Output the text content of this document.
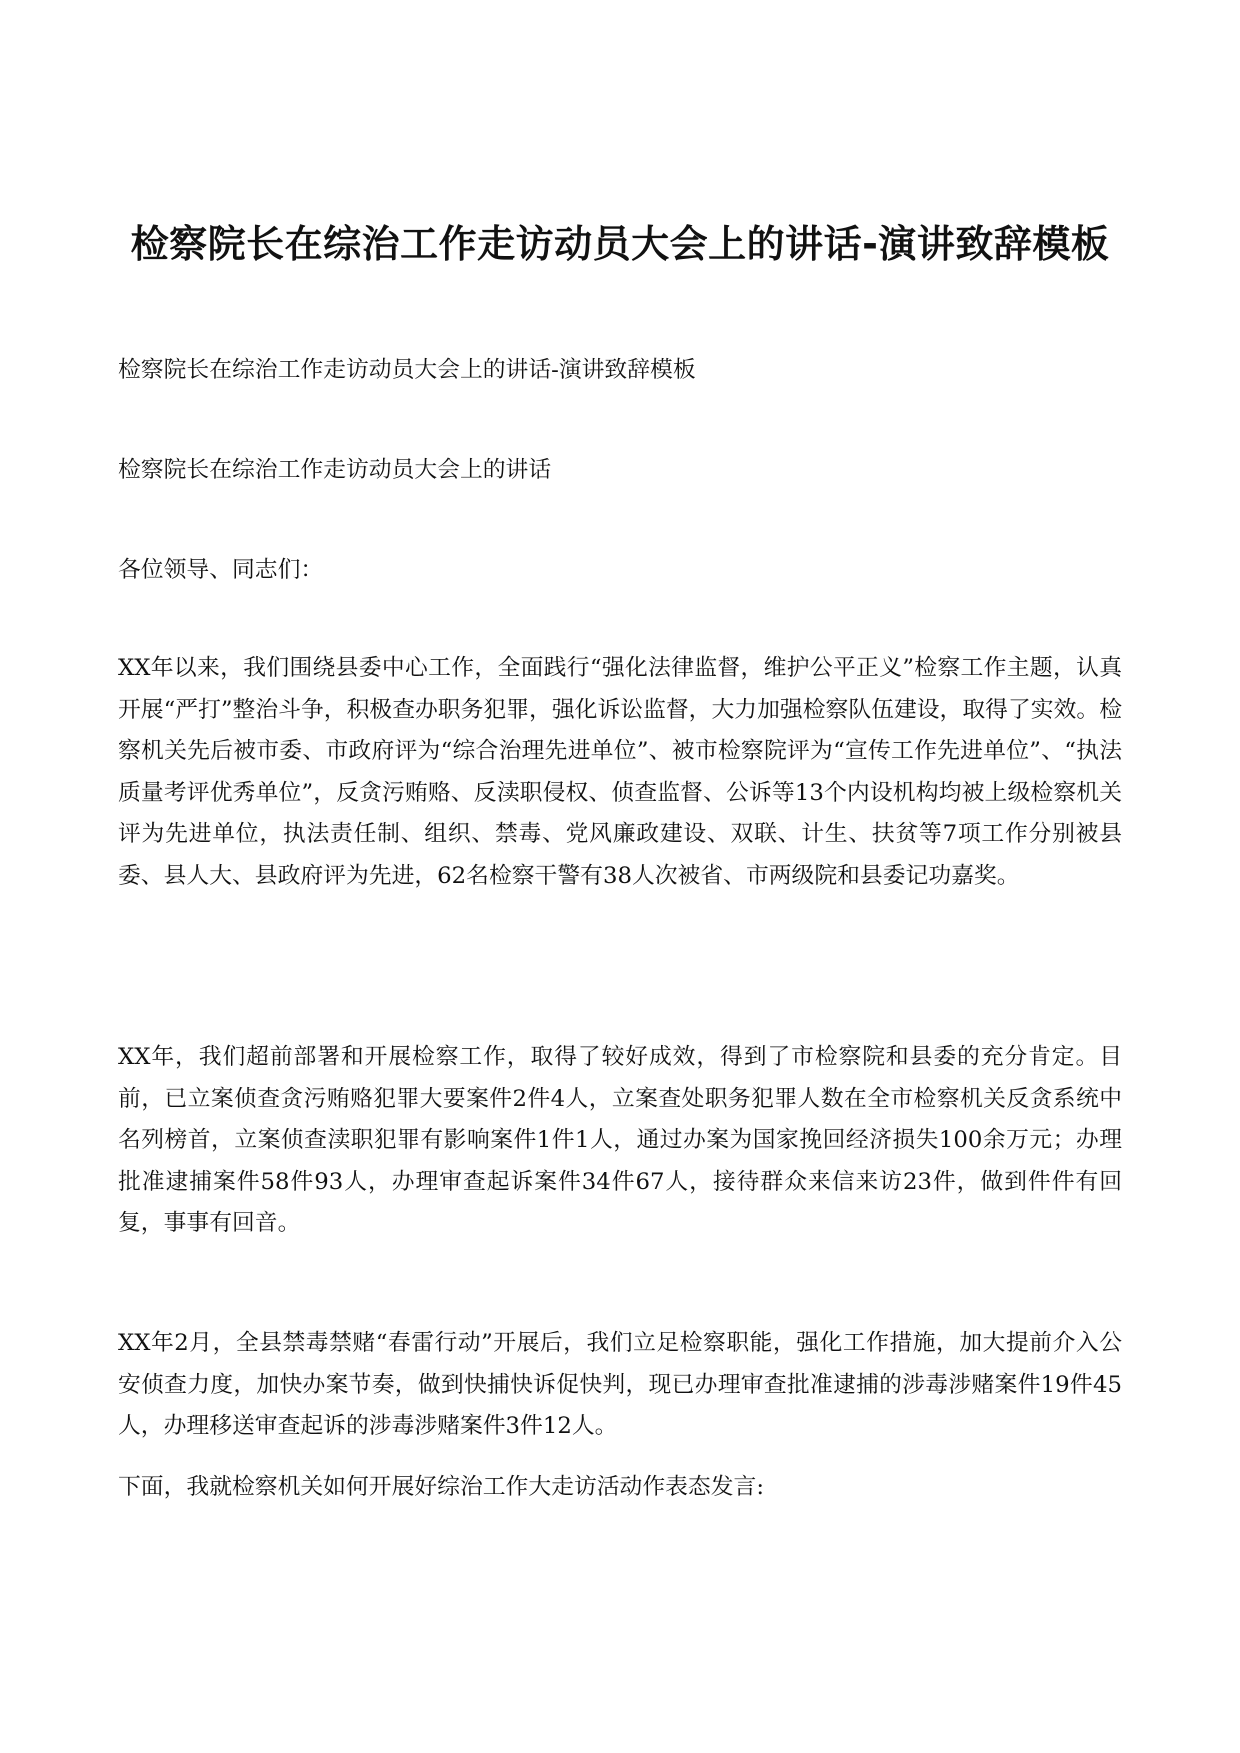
检察院长在综治工作走访动员大会上的讲话-演讲致辞模板

检察院长在综治工作走访动员大会上的讲话-演讲致辞模板

检察院长在综治工作走访动员大会上的讲话

各位领导、同志们：

XX年以来，我们围绕县委中心工作，全面践行“强化法律监督，维护公平正义”检察工作主题，认真开展“严打”整治斗争，积极查办职务犯罪，强化诉讼监督，大力加强检察队伍建设，取得了实效。检察机关先后被市委、市政府评为“综合治理先进单位”、被市检察院评为“宣传工作先进单位”、“执法质量考评优秀单位”，反贪污贿赂、反渎职侵权、侦查监督、公诉等13个内设机构均被上级检察机关评为先进单位，执法责任制、组织、禁毒、党风廉政建设、双联、计生、扶贫等7项工作分别被县委、县人大、县政府评为先进，62名检察干警有38人次被省、市两级院和县委记功嘉奖。

XX年，我们超前部署和开展检察工作，取得了较好成效，得到了市检察院和县委的充分肯定。目前，已立案侦查贪污贿赂犯罪大要案件2件4人，立案查处职务犯罪人数在全市检察机关反贪系统中名列榜首，立案侦查渎职犯罪有影响案件1件1人，通过办案为国家挽回经济损失100余万元；办理批准逮捕案件58件93人，办理审查起诉案件34件67人，接待群众来信来访23件，做到件件有回复，事事有回音。

XX年2月，全县禁毒禁赌“春雷行动”开展后，我们立足检察职能，强化工作措施，加大提前介入公安侦查力度，加快办案节奏，做到快捕快诉促快判，现已办理审查批准逮捕的涉毒涉赌案件19件45人，办理移送审查起诉的涉毒涉赌案件3件12人。

下面，我就检察机关如何开展好综治工作大走访活动作表态发言:
